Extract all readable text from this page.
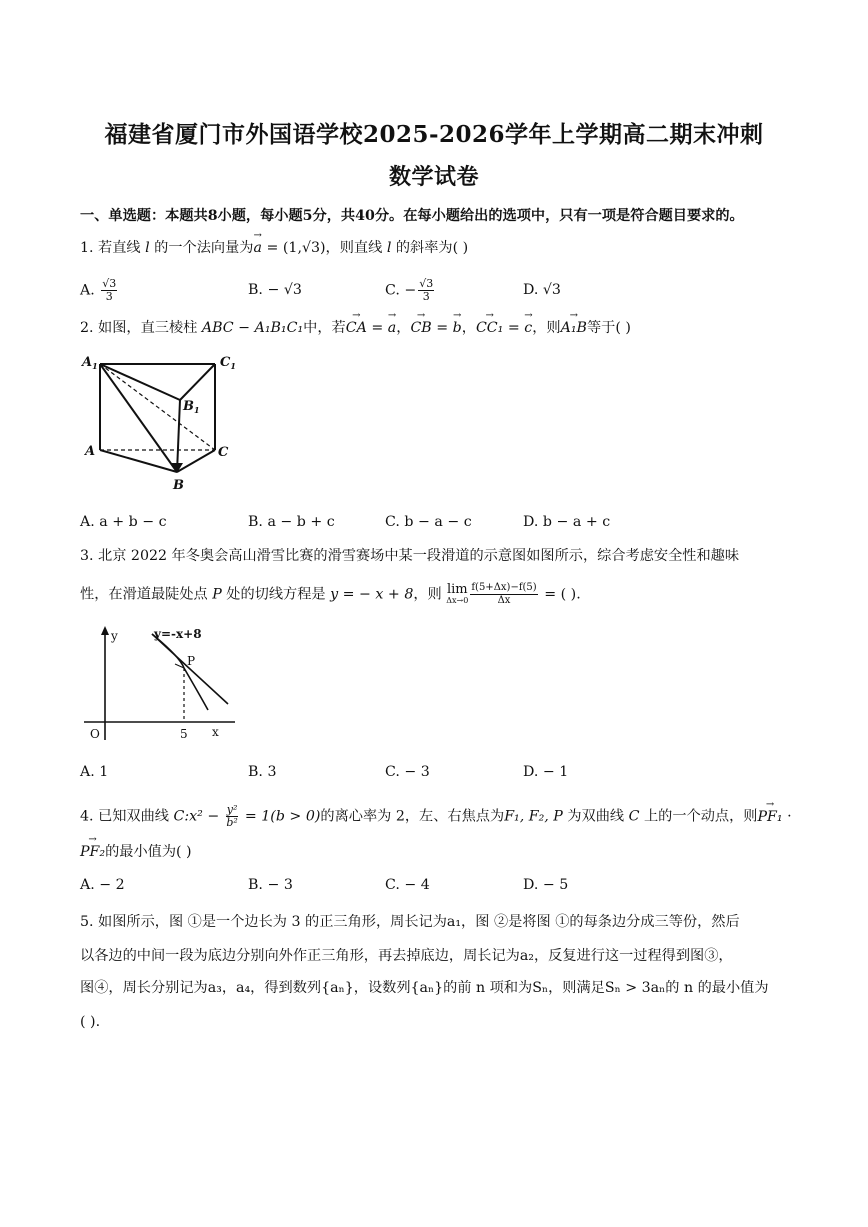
福建省厦门市外国语学校2025-2026学年上学期高二期末冲刺
数学试卷
一、单选题：本题共8小题，每小题5分，共40分。在每小题给出的选项中，只有一项是符合题目要求的。
1. 若直线 l 的一个法向量为→ a = (1,√3)，则直线 l 的斜率为( )
A. $\frac{√3}{3}$	B. − √3	C. − $\frac{√3}{3}$	D. √3
2. 如图，直三棱柱 ABC − A₁B₁C₁中，若→ CA = → a，→ CB = → b，→ CC₁ = → c，则→ A₁B等于( )
$A_1$	$C_1$
$B_1$
A	C
B
A. a + b − c	B. a − b + c	C. b − a − c	D. b − a + c
3. 北京 2022 年冬奥会高山滑雪比赛的滑雪赛场中某一段滑道的示意图如图所示，综合考虑安全性和趣味
性，在滑道最陡处点 P 处的切线方程是 y = − x + 8，则 lim
$\Delta x\to 0 \frac{f(5+\Delta x)-f(5)}{\Delta x}$ = ( ).
y=-x+8
y
x
O	5
P
A. 1	B. 3	C. − 3	D. − 1
4. 已知双曲线 C:x² − $\frac{\text{y²}}{\text{b²}} = 1(b > 0)$的离心率为 2，左、右焦点为F₁, F₂, P 为双曲线 C 上的一个动点，则→ PF₁ ·
→ PF₂的最小值为( )
A. − 2	B. − 3	C. − 4	D. − 5
5. 如图所示，图 ①是一个边长为 3 的正三角形，周长记为a₁，图 ②是将图 ①的每条边分成三等份，然后
以各边的中间一段为底边分别向外作正三角形，再去掉底边，周长记为a₂，反复进行这一过程得到图③，
图④，周长分别记为a₃，a₄，得到数列{aₙ}，设数列{aₙ}的前 n 项和为Sₙ，则满足Sₙ > 3aₙ的 n 的最小值为
( ).
